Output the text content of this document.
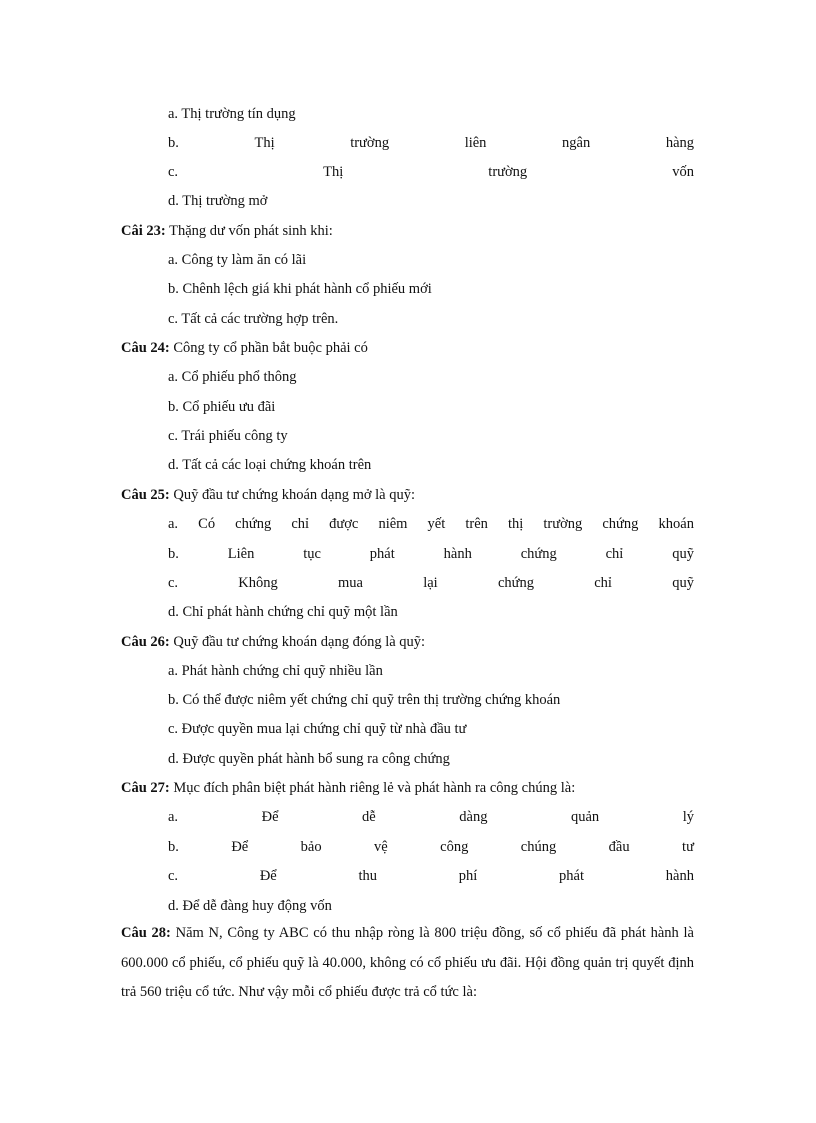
a. Thị trường tín dụng
b.	Thị	trường	liên	ngân	hàng
c.	Thị	trường	vốn
d. Thị trường mở
Câi 23: Thặng dư vốn phát sinh khi:
a. Công ty làm ăn có lãi
b. Chênh lệch giá khi phát hành cổ phiếu mới
c. Tất cả các trường hợp trên.
Câu 24: Công ty cổ phần bắt buộc phải có
a. Cổ phiếu phổ thông
b. Cổ phiếu ưu đãi
c. Trái phiếu công ty
d. Tất cả các loại chứng khoán trên
Câu 25: Quỹ đầu tư chứng khoán dạng mở là quỹ:
a. Có chứng chỉ được niêm yết trên thị trường chứng khoán
b.	Liên	tục	phát	hành	chứng	chỉ	quỹ
c.	Không	mua	lại	chứng	chỉ	quỹ
d. Chỉ phát hành chứng chỉ quỹ một lần
Câu 26: Quỹ đầu tư chứng khoán dạng đóng là quỹ:
a. Phát hành chứng chỉ quỹ nhiều lần
b. Có thể được niêm yết chứng chỉ quỹ trên thị trường chứng khoán
c. Được quyền mua lại chứng chỉ quỹ từ nhà đầu tư
d. Được quyền phát hành bổ sung ra công chứng
Câu 27: Mục đích phân biệt phát hành riêng lẻ và phát hành ra công chúng là:
a.	Để	dễ	dàng	quản	lý
b.	Để	bảo	vệ	công	chúng	đầu	tư
c.	Để	thu	phí	phát	hành
d. Để dễ đàng huy động vốn
Câu 28: Năm N, Công ty ABC có thu nhập ròng là 800 triệu đồng, số cổ phiếu đã phát hành là 600.000 cổ phiếu, cổ phiếu quỹ là 40.000, không có cổ phiếu ưu đãi. Hội đồng quản trị quyết định trả 560 triệu cổ tức. Như vậy mỗi cổ phiếu được trả cổ tức là:
